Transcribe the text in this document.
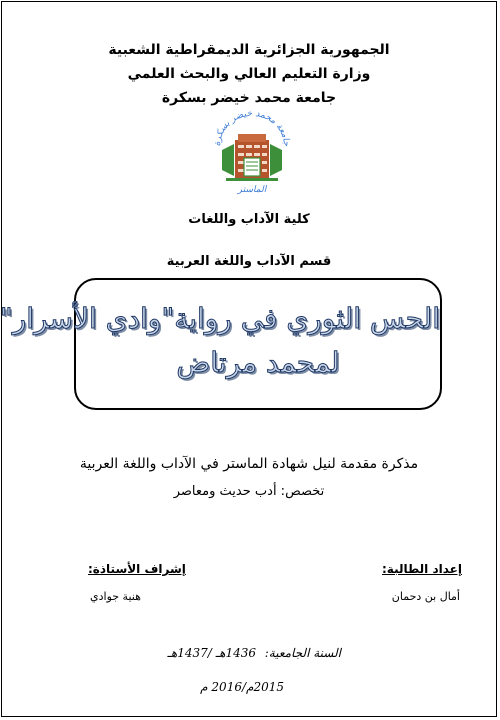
الجمهورية الجزائرية الديمقراطية الشعبية
وزارة التعليم العالي والبحث العلمي
جامعة محمد خيضر بسكرة
جامعة محمد خيضر بسكرة
الماستر
كلية الآداب واللغات
قسم الآداب واللغة العربية
الحس الثوري في رواية"وادي الأسرار"
لمحمد مرتاض
مذكرة مقدمة لنيل شهادة الماستر في الآداب واللغة العربية
تخصص: أدب حديث ومعاصر
إعداد الطالبة:
أمال بن دحمان
إشراف الأستاذة:
هنية جوادي
السنة الجامعية:
1436هـ /1437هـ
2015م/2016 م
